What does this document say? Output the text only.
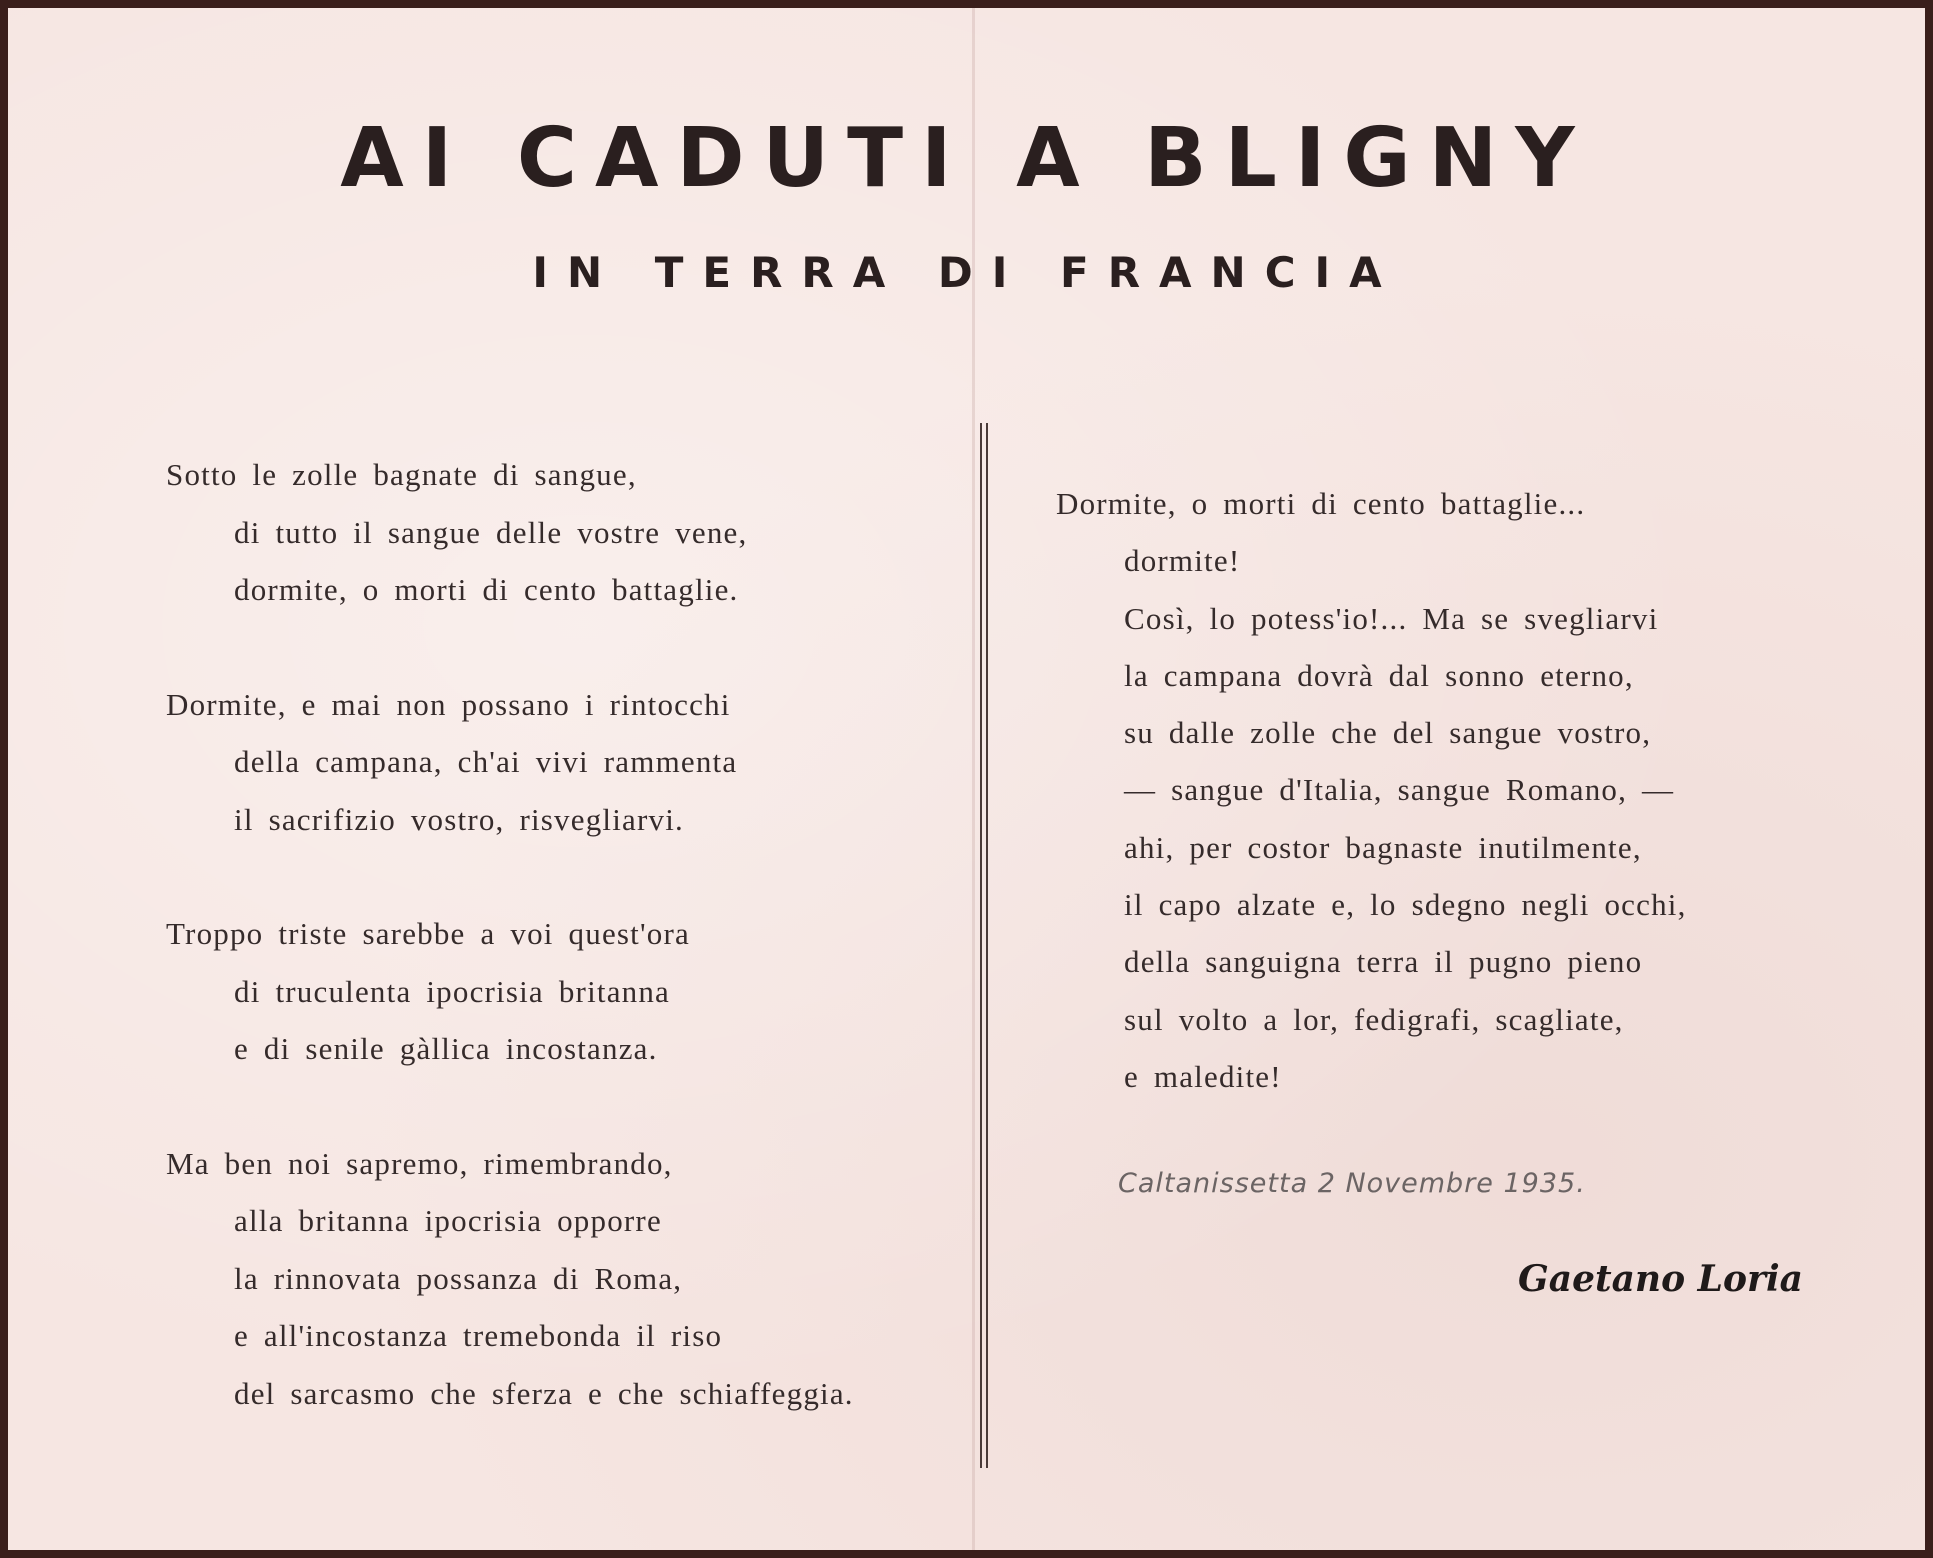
AI CADUTI A BLIGNY
IN TERRA DI FRANCIA
Sotto le zolle bagnate di sangue,
di tutto il sangue delle vostre vene,
dormite, o morti di cento battaglie.
Dormite, e mai non possano i rintocchi
della campana, ch'ai vivi rammenta
il sacrifizio vostro, risvegliarvi.
Troppo triste sarebbe a voi quest'ora
di truculenta ipocrisia britanna
e di senile gàllica incostanza.
Ma ben noi sapremo, rimembrando,
alla britanna ipocrisia opporre
la rinnovata possanza di Roma,
e all'incostanza tremebonda il riso
del sarcasmo che sferza e che schiaffeggia.
Dormite, o morti di cento battaglie...
dormite!
Così, lo potess'io!... Ma se svegliarvi
la campana dovrà dal sonno eterno,
su dalle zolle che del sangue vostro,
— sangue d'Italia, sangue Romano, —
ahi, per costor bagnaste inutilmente,
il capo alzate e, lo sdegno negli occhi,
della sanguigna terra il pugno pieno
sul volto a lor, fedigrafi, scagliate,
e maledite!
Caltanissetta 2 Novembre 1935.
Gaetano Loria
